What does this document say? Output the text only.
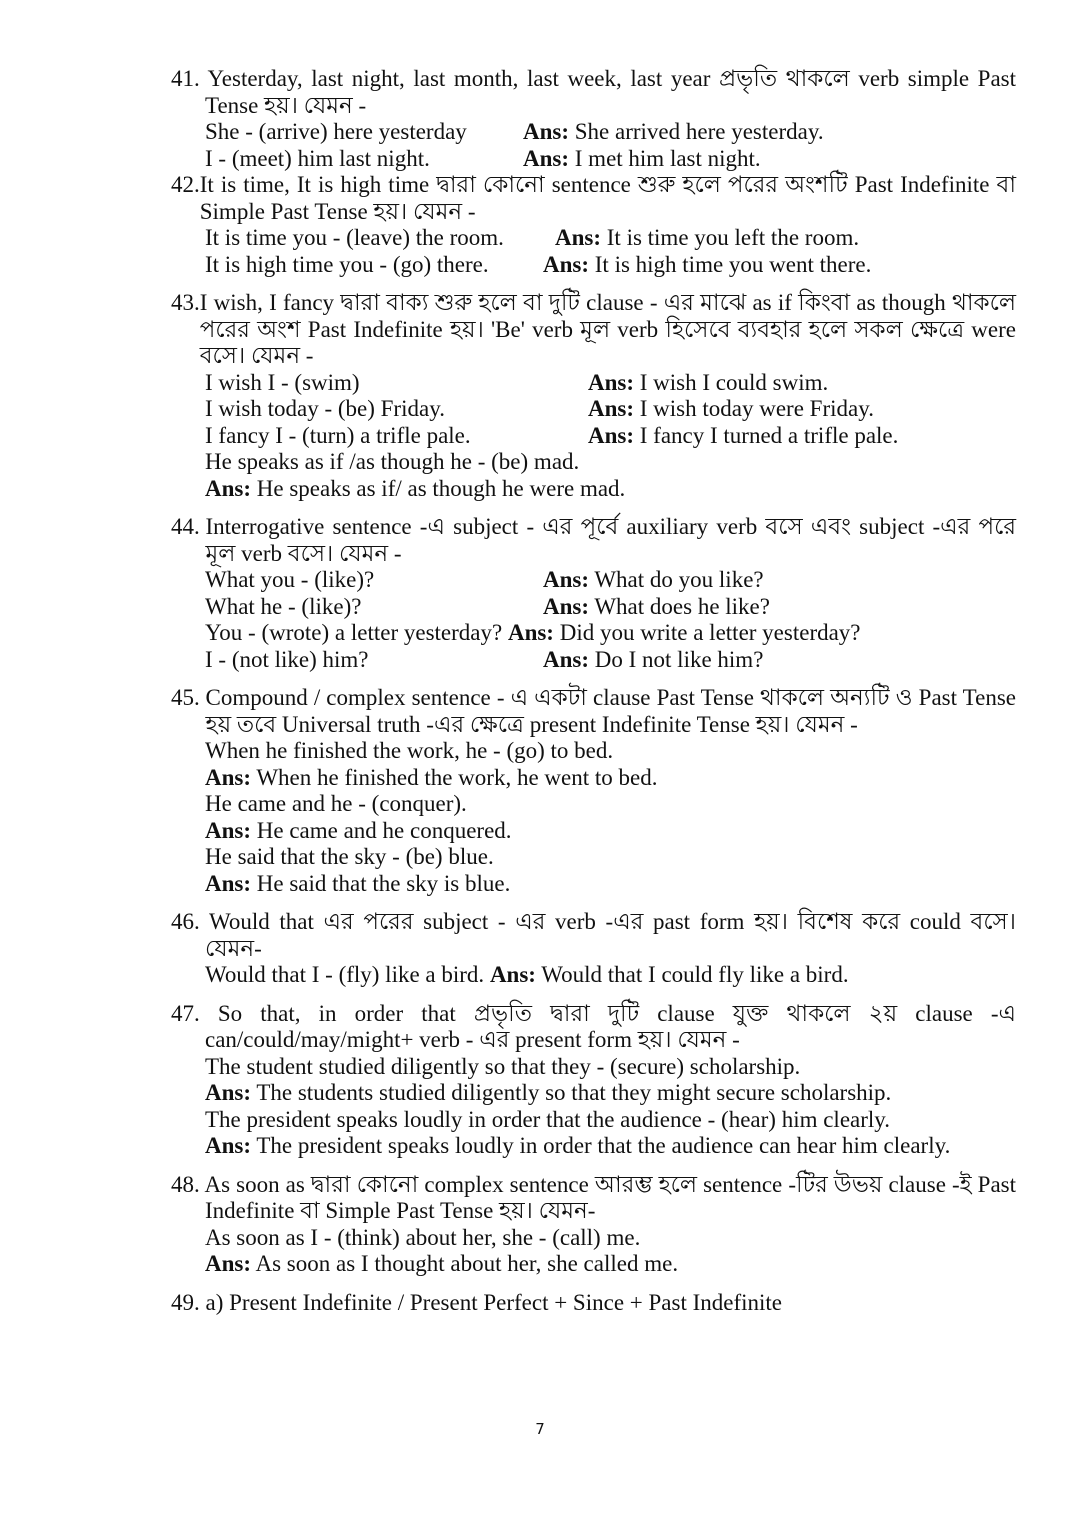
41. Yesterday, last night, last month, last week, last year প্রভৃতি থাকলে verb simple Past Tense হয়। যেমন -
She - (arrive) here yesterday	Ans: She arrived here yesterday.
I - (meet) him last night.	Ans: I met him last night.
42. It is time, It is high time দ্বারা কোনো sentence শুরু হলে পরের অংশটি Past Indefinite বা Simple Past Tense হয়। যেমন -
It is time you - (leave) the room.	Ans: It is time you left the room.
It is high time you - (go) there.	Ans: It is high time you went there.
43. I wish, I fancy দ্বারা বাক্য শুরু হলে বা দুটি clause - এর মাঝে as if কিংবা as though থাকলে পরের অংশ Past Indefinite হয়। 'Be' verb মূল verb হিসেবে ব্যবহার হলে সকল ক্ষেত্রে were বসে। যেমন -
I wish I - (swim)	Ans: I wish I could swim.
I wish today - (be) Friday.	Ans: I wish today were Friday.
I fancy I - (turn) a trifle pale.	Ans: I fancy I turned a trifle pale.
He speaks as if /as though he - (be) mad.
Ans: He speaks as if/ as though he were mad.
44.
Interrogative sentence -এ subject - এর পূর্বে auxiliary verb বসে এবং subject -এর পরে মূল verb বসে। যেমন -
What you - (like)?	Ans: What do you like?
What he - (like)?	Ans: What does he like?
You - (wrote) a letter yesterday? Ans: Did you write a letter yesterday?
I - (not like) him?	Ans: Do I not like him?
45.
Compound / complex sentence - এ একটা clause Past Tense থাকলে অন্যটি ও Past Tense হয় তবে Universal truth -এর ক্ষেত্রে present Indefinite Tense হয়। যেমন -
When he finished the work, he - (go) to bed.
Ans: When he finished the work, he went to bed.
He came and he - (conquer).
Ans: He came and he conquered.
He said that the sky - (be) blue.
Ans: He said that the sky is blue.
46. Would that এর পরের subject - এর verb -এর past form হয়। বিশেষ করে could বসে। যেমন-
Would that I - (fly) like a bird. Ans: Would that I could fly like a bird.
47. So that, in order that প্রভৃতি দ্বারা দুটি clause যুক্ত থাকলে ২য় clause -এ can/could/may/might+ verb - এর present form হয়। যেমন -
The student studied diligently so that they - (secure) scholarship.
Ans: The students studied diligently so that they might secure scholarship.
The president speaks loudly in order that the audience - (hear) him clearly.
Ans: The president speaks loudly in order that the audience can hear him clearly.
48. As soon as দ্বারা কোনো complex sentence আরম্ভ হলে sentence -টির উভয় clause -ই Past Indefinite বা Simple Past Tense হয়। যেমন-
As soon as I - (think) about her, she - (call) me.
Ans: As soon as I thought about her, she called me.
49. a) Present Indefinite / Present Perfect + Since + Past Indefinite
7
